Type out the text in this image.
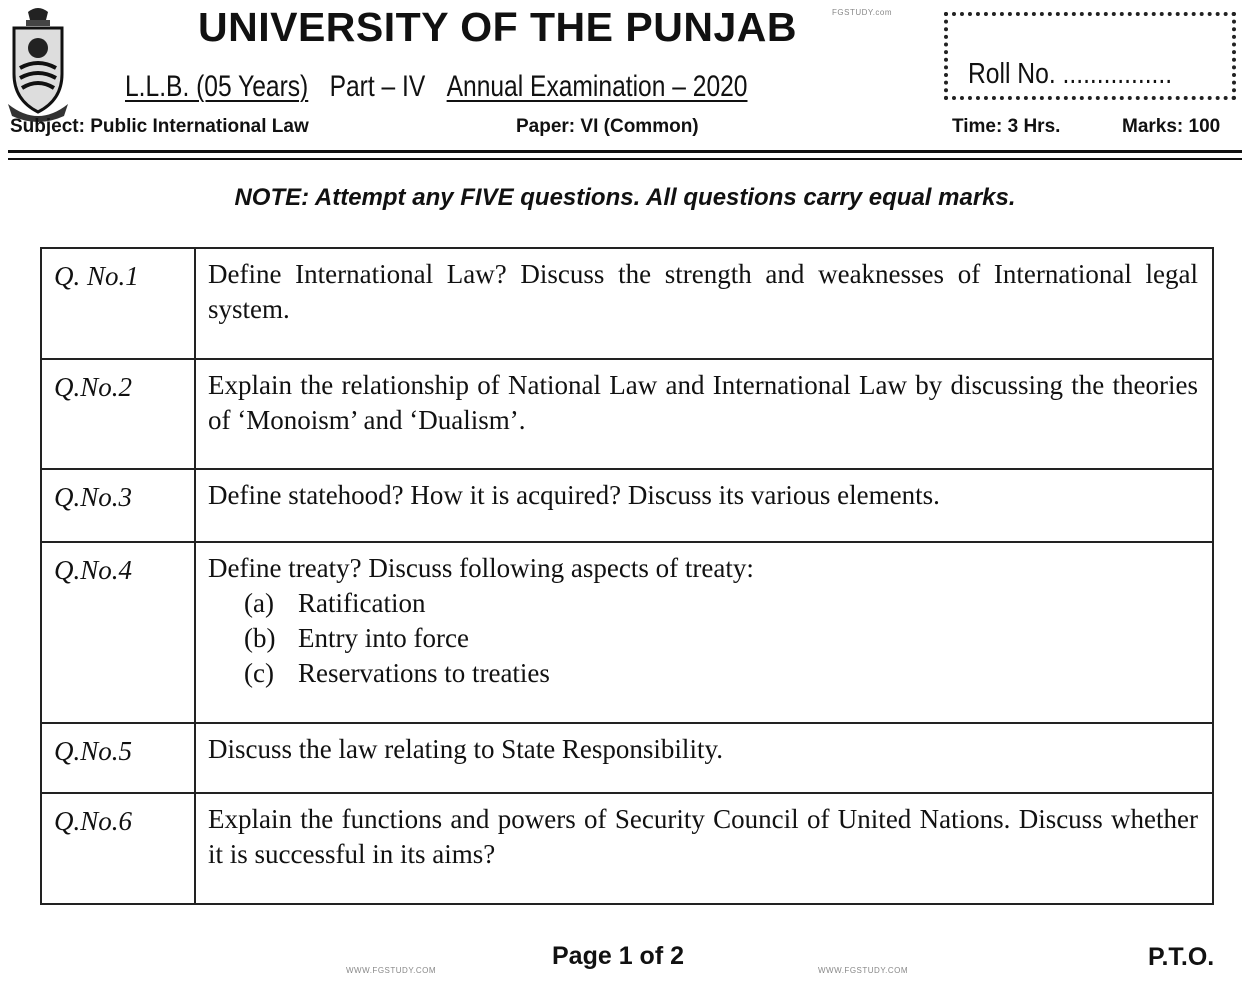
UNIVERSITY OF THE PUNJAB	FGSTUDY.com
L.L.B. (05 Years) Part – IV Annual Examination – 2020	Roll No. ................
Subject: Public International Law	Paper: VI (Common)	Time: 3 Hrs.	Marks: 100
NOTE: Attempt any FIVE questions. All questions carry equal marks.
Q. No.1	Define International Law? Discuss the strength and weaknesses of International legal system.
Q.No.2	Explain the relationship of National Law and International Law by discussing the theories of ‘Monoism’ and ‘Dualism’.
Q.No.3	Define statehood? How it is acquired? Discuss its various elements.
Q.No.4	Define treaty? Discuss following aspects of treaty:
(a) Ratification
(b) Entry into force
(c) Reservations to treaties

Q.No.5	Discuss the law relating to State Responsibility.
Q.No.6	Explain the functions and powers of Security Council of United Nations. Discuss whether it is successful in its aims?
Page 1 of 2	P.T.O.
WWW.FGSTUDY.COM	WWW.FGSTUDY.COM
